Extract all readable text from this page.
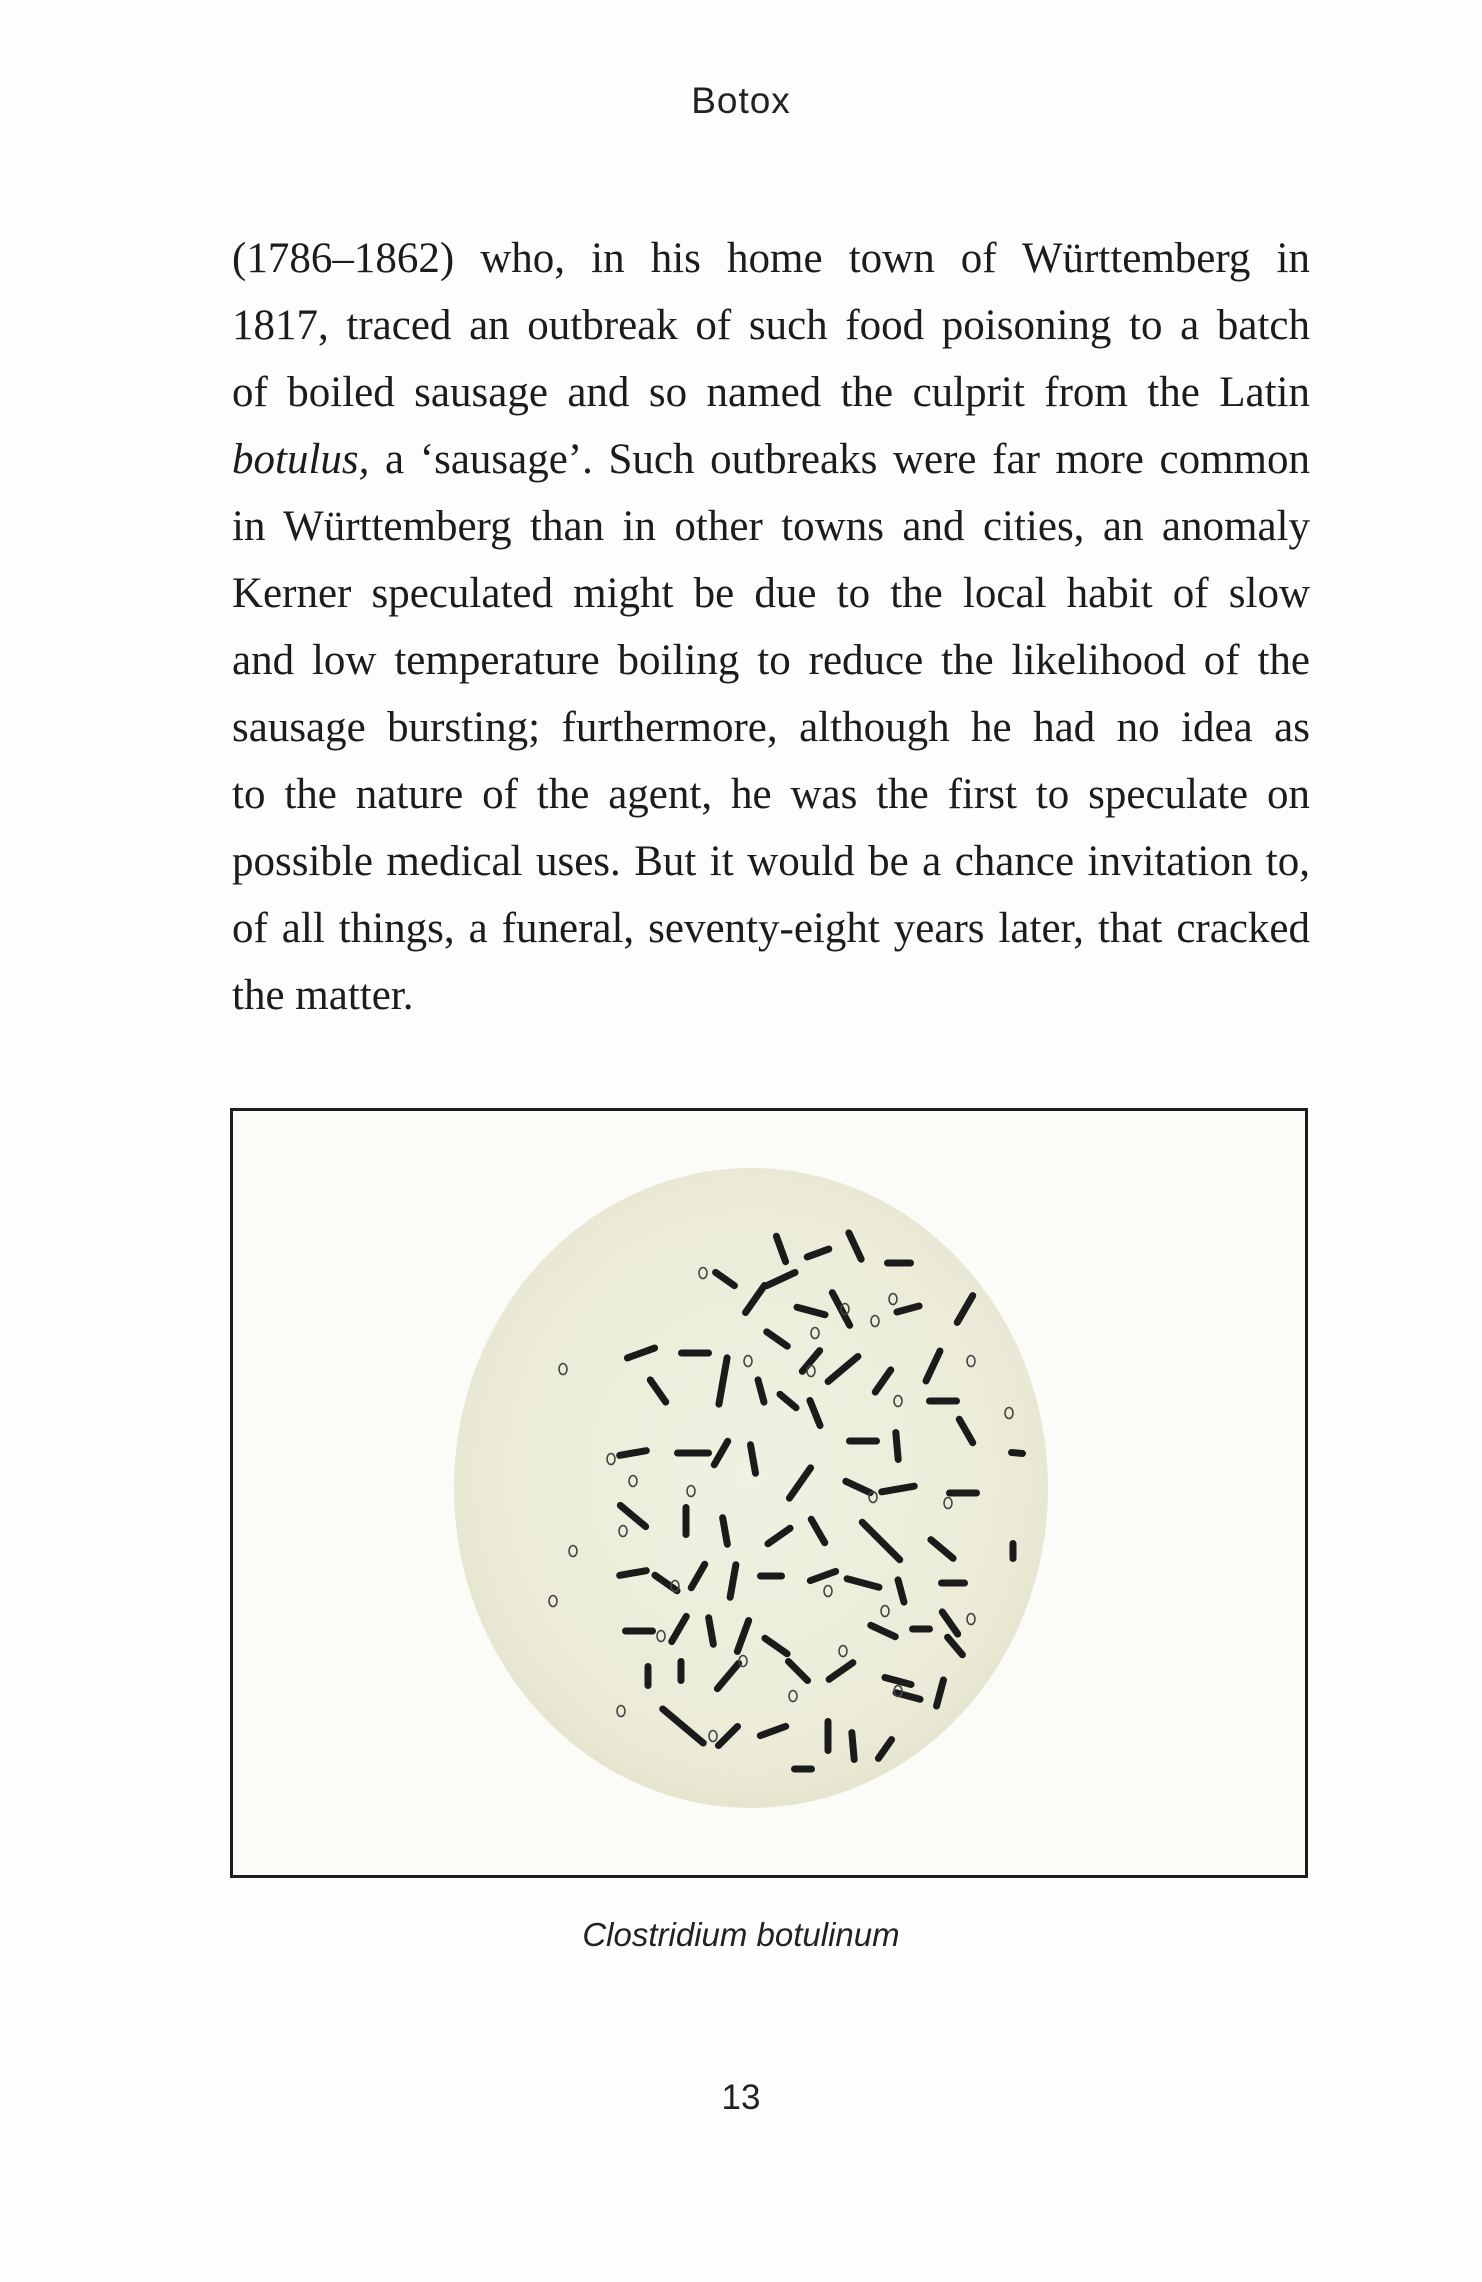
Botox
(1786–1862) who, in his home town of Württemberg in
1817, traced an outbreak of such food poisoning to a batch
of boiled sausage and so named the culprit from the Latin
botulus, a ‘sausage’. Such outbreaks were far more common
in Württemberg than in other towns and cities, an anomaly
Kerner speculated might be due to the local habit of slow
and low temperature boiling to reduce the likelihood of the
sausage bursting; furthermore, although he had no idea as
to the nature of the agent, he was the first to speculate on
possible medical uses. But it would be a chance invitation to,
of all things, a funeral, seventy-eight years later, that cracked
the matter.
Clostridium botulinum
13
